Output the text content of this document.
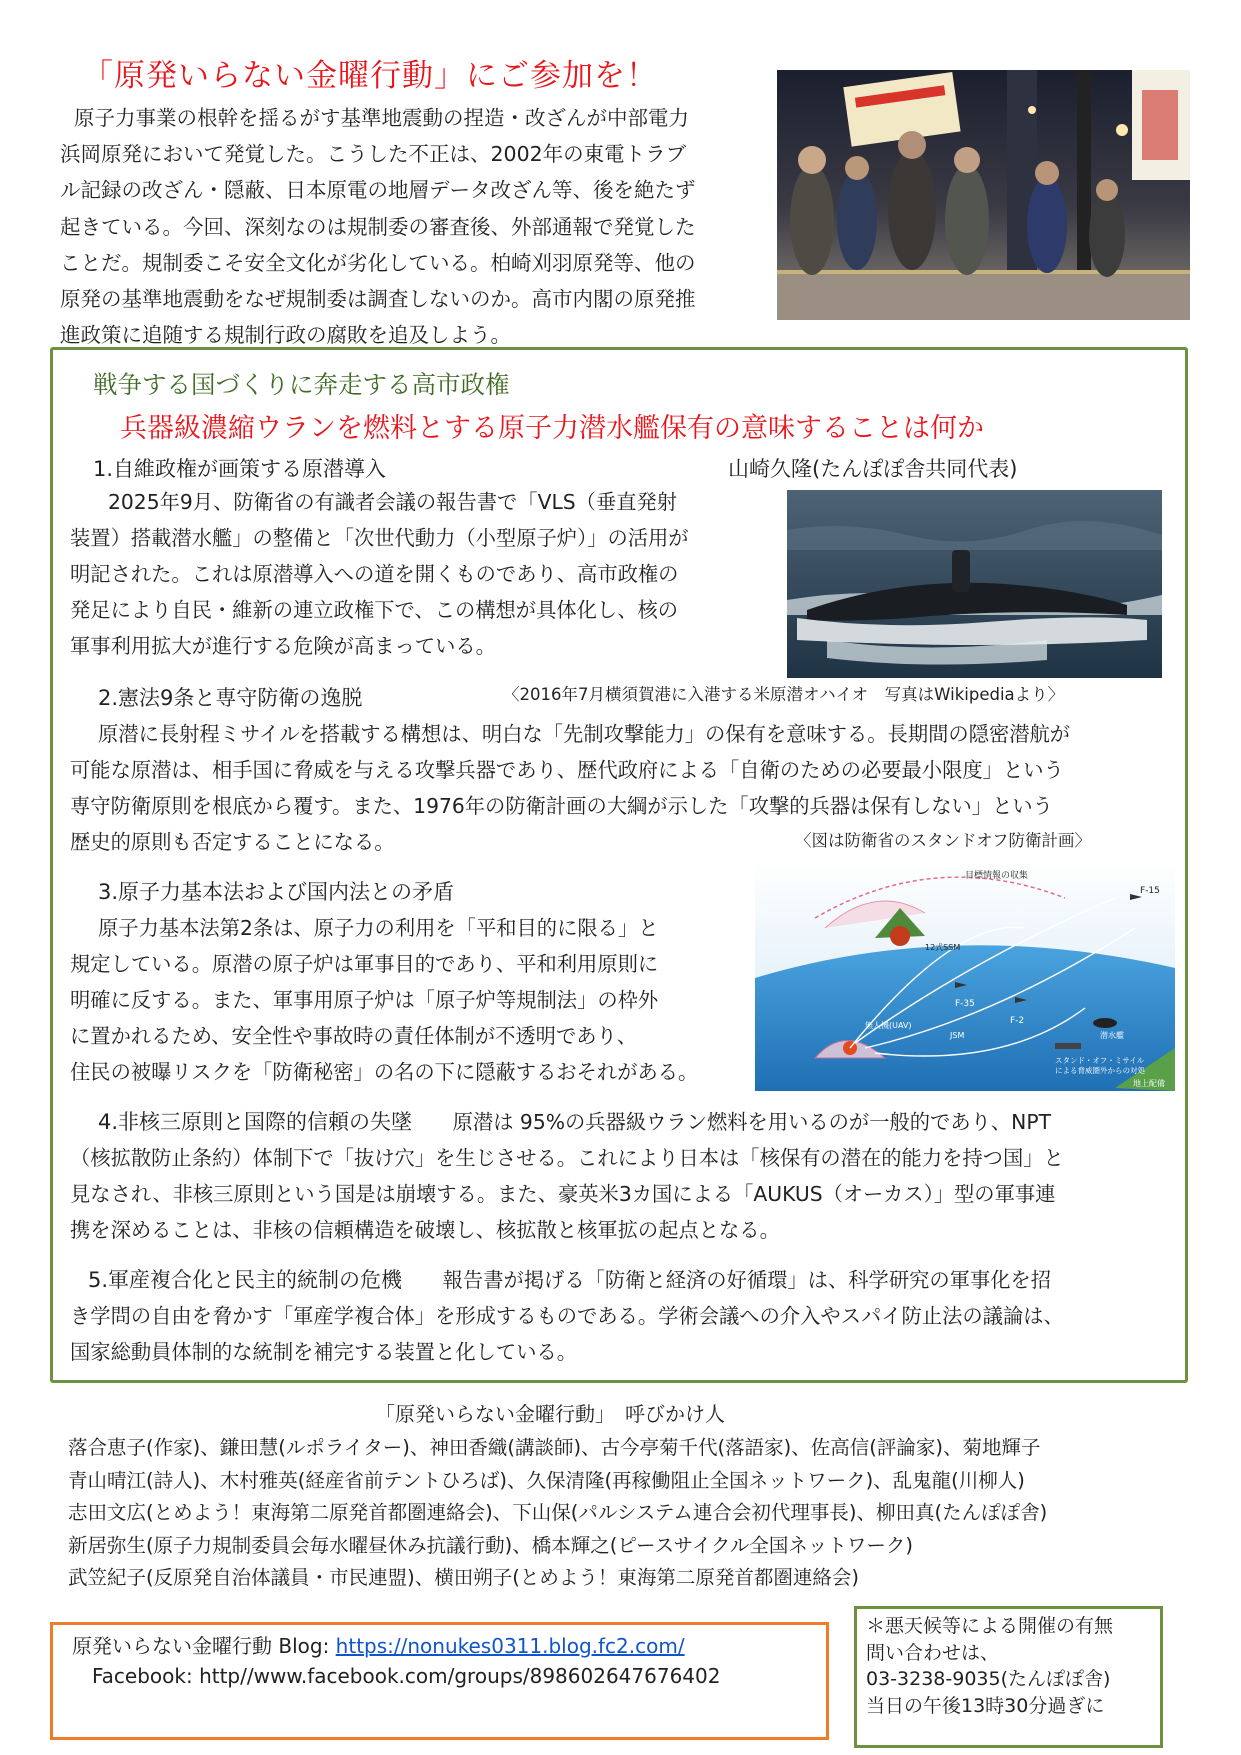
「原発いらない金曜行動」にご参加を！

原子力事業の根幹を揺るがす基準地震動の捏造・改ざんが中部電力

浜岡原発において発覚した。こうした不正は、2002年の東電トラブ
ル記録の改ざん・隠蔽、日本原電の地層データ改ざん等、後を絶たず
起きている。今回、深刻なのは規制委の審査後、外部通報で発覚した
ことだ。規制委こそ安全文化が劣化している。柏崎刈羽原発等、他の
原発の基準地震動をなぜ規制委は調査しないのか。高市内閣の原発推
進政策に追随する規制行政の腐敗を追及しよう。
戦争する国づくりに奔走する高市政権
兵器級濃縮ウランを燃料とする原子力潜水艦保有の意味することは何か
1.自維政権が画策する原潜導入	山崎久隆(たんぽぽ舎共同代表)

2025年9月、防衛省の有識者会議の報告書で「VLS（垂直発射

装置）搭載潜水艦」の整備と「次世代動力（小型原子炉）」の活用が
明記された。これは原潜導入への道を開くものであり、高市政権の
発足により自民・維新の連立政権下で、この構想が具体化し、核の
軍事利用拡大が進行する危険が高まっている。
〈2016年7月横須賀港に入港する米原潜オハイオ　写真はWikipediaより〉
2.憲法9条と専守防衛の逸脱

原潜に長射程ミサイルを搭載する構想は、明白な「先制攻撃能力」の保有を意味する。長期間の隠密潜航が

可能な原潜は、相手国に脅威を与える攻撃兵器であり、歴代政府による「自衛のための必要最小限度」という
専守防衛原則を根底から覆す。また、1976年の防衛計画の大綱が示した「攻撃的兵器は保有しない」という
歴史的原則も否定することになる。	〈図は防衛省のスタンドオフ防衛計画〉
目標情報の収集
12式SSM
JSM
F-35
F-2
F-15
潜水艦
無人機(UAV)
スタンド・オフ・ミサイル
による脅威圏外からの対処
地上配備
3.原子力基本法および国内法との矛盾

原子力基本法第2条は、原子力の利用を「平和目的に限る」と

規定している。原潜の原子炉は軍事目的であり、平和利用原則に
明確に反する。また、軍事用原子炉は「原子炉等規制法」の枠外
に置かれるため、安全性や事故時の責任体制が不透明であり、
住民の被曝リスクを「防衛秘密」の名の下に隠蔽するおそれがある。

4.非核三原則と国際的信頼の失墜　　 原潜は 95%の兵器級ウラン燃料を用いるのが一般的であり、NPT

（核拡散防止条約）体制下で「抜け穴」を生じさせる。これにより日本は「核保有の潜在的能力を持つ国」と
見なされ、非核三原則という国是は崩壊する。また、豪英米3カ国による「AUKUS（オーカス）」型の軍事連
携を深めることは、非核の信頼構造を破壊し、核拡散と核軍拡の起点となる。

5.軍産複合化と民主的統制の危機　　 報告書が掲げる「防衛と経済の好循環」は、科学研究の軍事化を招

き学問の自由を脅かす「軍産学複合体」を形成するものである。学術会議への介入やスパイ防止法の議論は、
国家総動員体制的な統制を補完する装置と化している。
「原発いらない金曜行動」　呼びかけ人
落合恵子(作家)、鎌田慧(ルポライター)、神田香織(講談師)、古今亭菊千代(落語家)、佐高信(評論家)、菊地輝子
青山晴江(詩人)、木村雅英(経産省前テントひろば)、久保清隆(再稼働阻止全国ネットワーク)、乱鬼龍(川柳人)
志田文広(とめよう！東海第二原発首都圏連絡会)、下山保(パルシステム連合会初代理事長)、柳田真(たんぽぽ舎)
新居弥生(原子力規制委員会毎水曜昼休み抗議行動)、橋本輝之(ピースサイクル全国ネットワーク)
武笠紀子(反原発自治体議員・市民連盟)、横田朔子(とめよう！東海第二原発首都圏連絡会)
原発いらない金曜行動 Blog: https://nonukes0311.blog.fc2.com/
Facebook: http//www.facebook.com/groups/898602647676402
＊悪天候等による開催の有無
問い合わせは、
03-3238-9035(たんぽぽ舎)
当日の午後13時30分過ぎに
